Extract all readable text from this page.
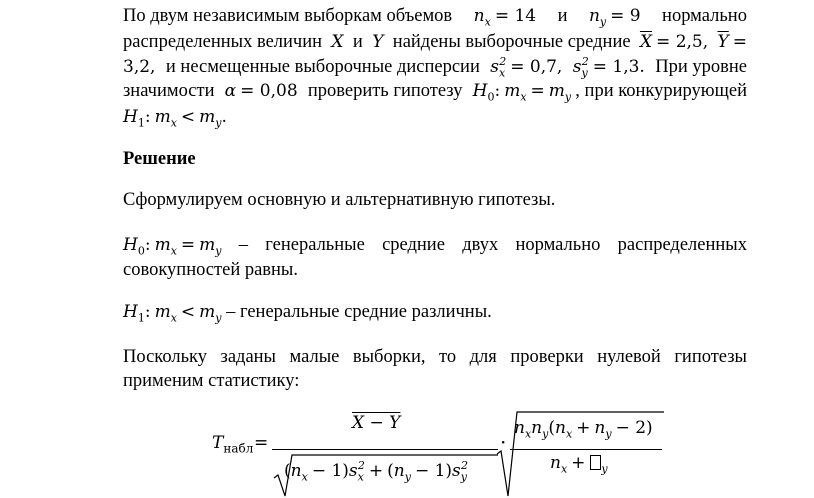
По двум независимым выборкам объемов $n_x = 14$ и $n_y = 9$ нормально
распределенных величин X и Y найдены выборочные средние $\overline{X} = 2,5$, $\overline{Y}$ =
3,2, и несмещенные выборочные дисперсии $s_x^2 = 0,7$, $s_y^2 = 1,3$. При уровне
значимости α = 0,08 проверить гипотезу $H_0$: $m_x = m_y$ , при конкурирующей
$H_1$: $m_x < m_y$.
Решение
Сформулируем основную и альтернативную гипотезы.
$H_0$: $m_x = m_y$ – генеральные средние двух нормально распределенных
совокупностей равны.
$H_1$: $m_x < m_y$ – генеральные средние различны.
Поскольку заданы малые выборки, то для проверки нулевой гипотезы
применим статистику:
$T_{набл}$ =
X − Y
$(n_x - 1)s_x^2 + (n_y - 1)s_y^2$
·
$n_xn_y(n_x + n_y - 2)$
$n_x + _y$
